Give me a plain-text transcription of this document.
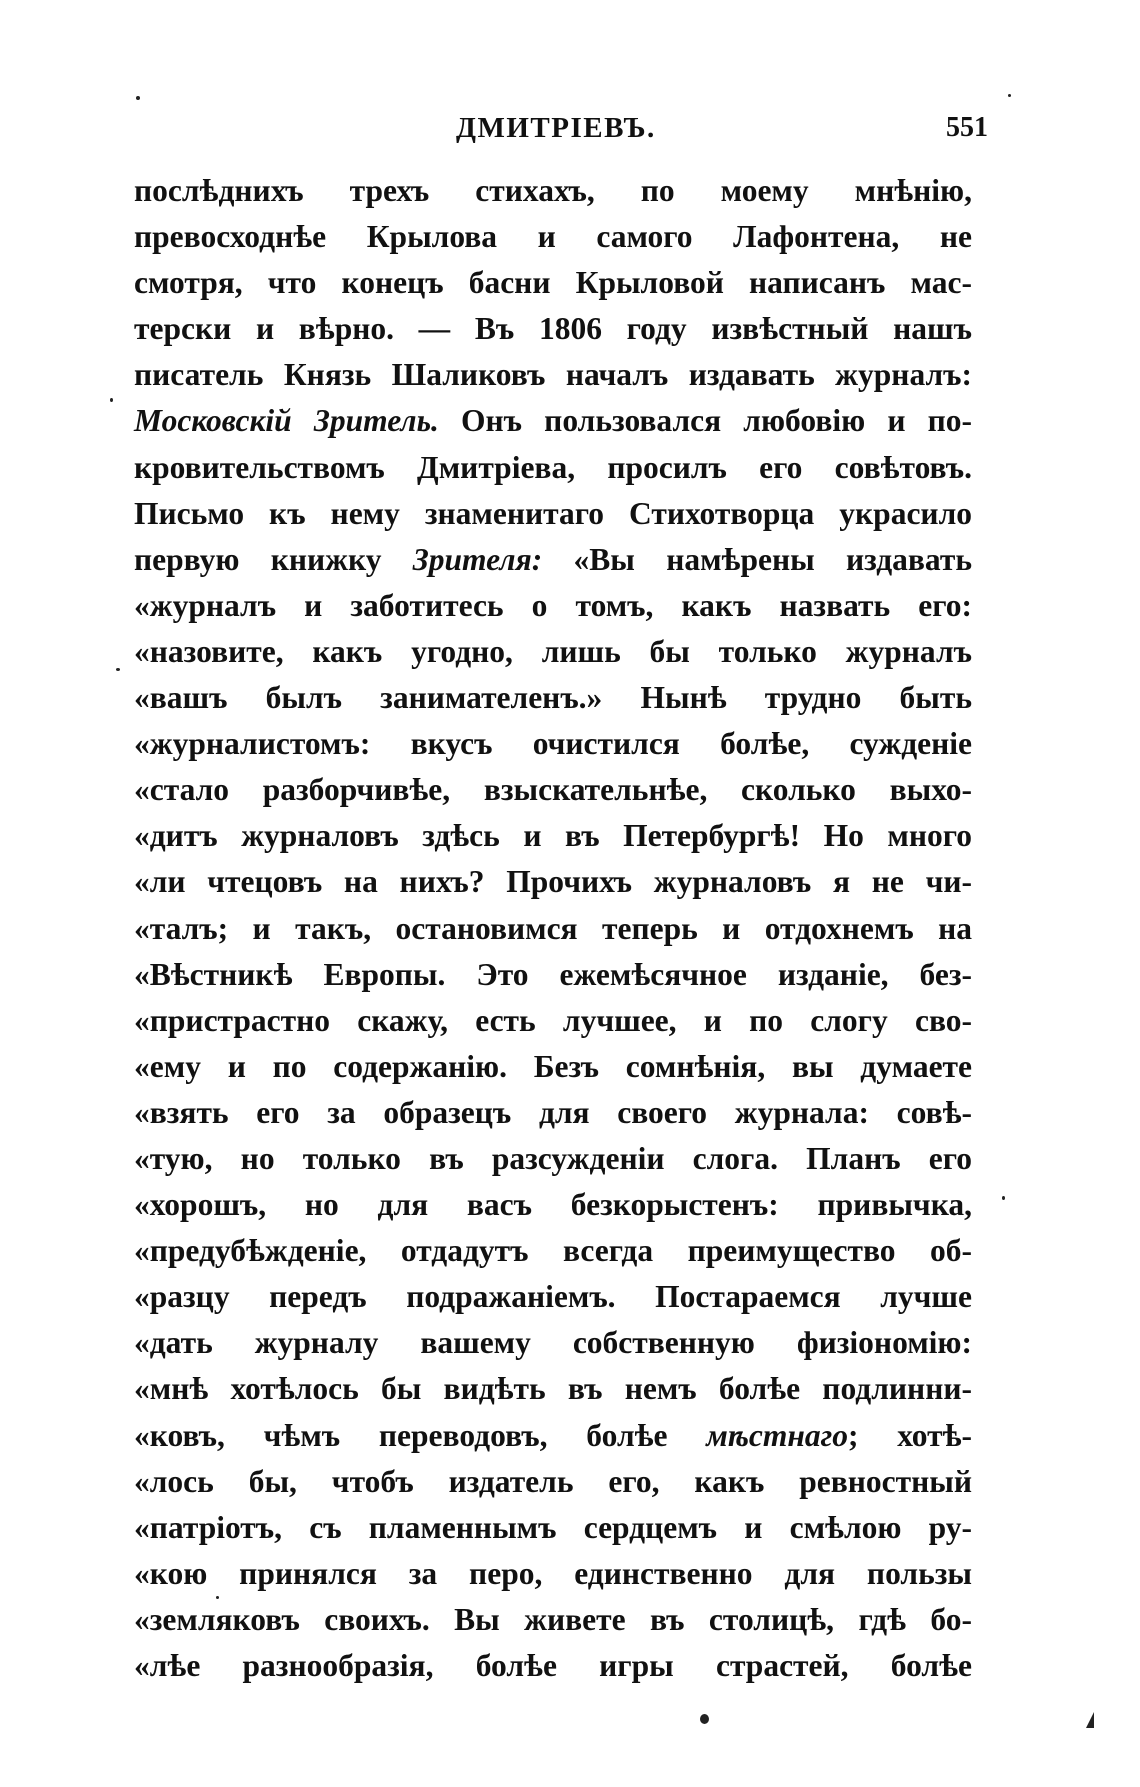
ДМИТРІЕВЪ.	551
послѣднихъ трехъ стихахъ, по моему мнѣнію,
превосходнѣе Крылова и самого Лафонтена, не
смотря, что конецъ басни Крыловой написанъ мас-
терски и вѣрно. — Въ 1806 году извѣстный нашъ
писатель Князь Шаликовъ началъ издавать журналъ:
Московскій Зритель. Онъ пользовался любовію и по-
кровительствомъ Дмитріева, просилъ его совѣтовъ.
Письмо къ нему знаменитаго Стихотворца украсило
первую книжку Зрителя: «Вы намѣрены издавать
«журналъ и заботитесь о томъ, какъ назвать его:
«назовите, какъ угодно, лишь бы только журналъ
«вашъ былъ занимателенъ.» Нынѣ трудно быть
«журналистомъ: вкусъ очистился болѣе, сужденіе
«стало разборчивѣе, взыскательнѣе, сколько выхо-
«дитъ журналовъ здѣсь и въ Петербургѣ! Но много
«ли чтецовъ на нихъ? Прочихъ журналовъ я не чи-
«талъ; и такъ, остановимся теперь и отдохнемъ на
«Вѣстникѣ Европы. Это ежемѣсячное изданіе, без-
«пристрастно скажу, есть лучшее, и по слогу сво-
«ему и по содержанію. Безъ сомнѣнія, вы думаете
«взять его за образецъ для своего журнала: совѣ-
«тую, но только въ разсужденіи слога. Планъ его
«хорошъ, но для васъ безкорыстенъ: привычка,
«предубѣжденіе, отдадутъ всегда преимущество об-
«разцу передъ подражаніемъ. Постараемся лучше
«дать журналу вашему собственную физіономію:
«мнѣ хотѣлось бы видѣть въ немъ болѣе подлинни-
«ковъ, чѣмъ переводовъ, болѣе мѣстнаго; хотѣ-
«лось бы, чтобъ издатель его, какъ ревностный
«патріотъ, съ пламеннымъ сердцемъ и смѣлою ру-
«кою принялся за перо, единственно для пользы
«земляковъ своихъ. Вы живете въ столицѣ, гдѣ бо-
«лѣе разнообразія, болѣе игры страстей, болѣе
